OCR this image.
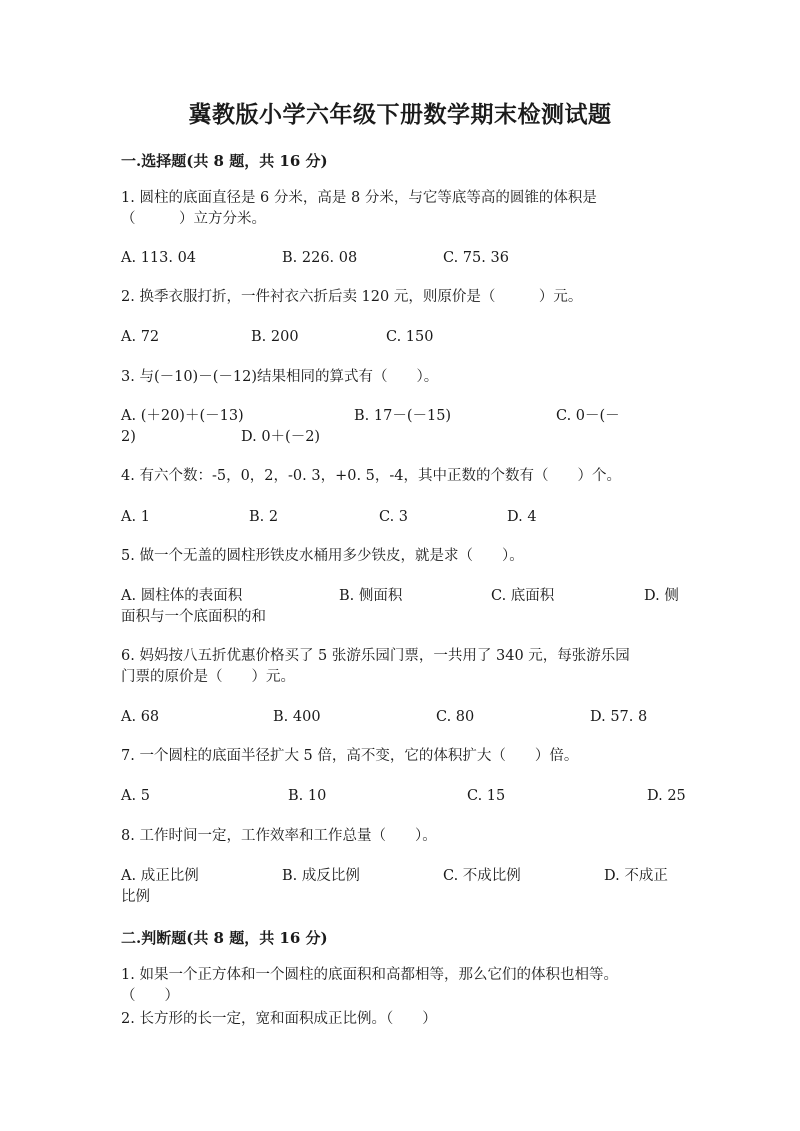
冀教版小学六年级下册数学期末检测试题
一.选择题(共 8 题，共 16 分)
1. 圆柱的底面直径是 6 分米，高是 8 分米，与它等底等高的圆锥的体积是
（　　　）立方分米。
A. 113. 04	B. 226. 08	C. 75. 36
2. 换季衣服打折，一件衬衣六折后卖 120 元，则原价是（　　　）元。
A. 72	B. 200	C. 150
3. 与(－10)－(－12)结果相同的算式有（　　）。
A. (＋20)＋(－13)	B. 17－(－15)	C. 0－(－
2)	D. 0＋(－2)
4. 有六个数：-5，0，2，-0. 3，+0. 5，-4，其中正数的个数有（　　）个。
A. 1	B. 2	C. 3	D. 4
5. 做一个无盖的圆柱形铁皮水桶用多少铁皮，就是求（　　）。
A. 圆柱体的表面积	B. 侧面积	C. 底面积	D. 侧
面积与一个底面积的和
6. 妈妈按八五折优惠价格买了 5 张游乐园门票，一共用了 340 元，每张游乐园
门票的原价是（　　）元。
A. 68	B. 400	C. 80	D. 57. 8
7. 一个圆柱的底面半径扩大 5 倍，高不变，它的体积扩大（　　）倍。
A. 5	B. 10	C. 15	D. 25
8. 工作时间一定，工作效率和工作总量（　　）。
A. 成正比例	B. 成反比例	C. 不成比例	D. 不成正
比例
二.判断题(共 8 题，共 16 分)
1. 如果一个正方体和一个圆柱的底面积和高都相等，那么它们的体积也相等。
（　　）
2. 长方形的长一定，宽和面积成正比例。（　　）
